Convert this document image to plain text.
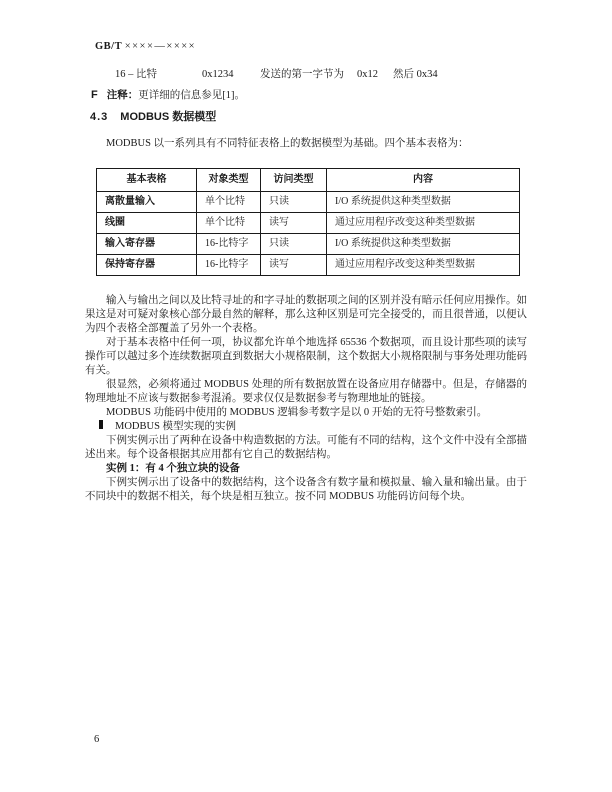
GB/T ××××—××××
16 – 比特	0x1234	发送的第一字节为 0x12 然后 0x34
F 注释：更详细的信息参见[1]。
4.3 MODBUS 数据模型

MODBUS 以一系列具有不同特征表格上的数据模型为基础。四个基本表格为：

基本表格	对象类型	访问类型	内容
离散量输入	单个比特	只读	I/O 系统提供这种类型数据
线圈	单个比特	读写	通过应用程序改变这种类型数据
输入寄存器	16-比特字	只读	I/O 系统提供这种类型数据
保持寄存器	16-比特字	读写	通过应用程序改变这种类型数据

输入与输出之间以及比特寻址的和字寻址的数据项之间的区别并没有暗示任何应用操作。如果这是对可疑对象核心部分最自然的解释，那么这种区别是可完全接受的，而且很普通，以便认为四个表格全部覆盖了另外一个表格。

对于基本表格中任何一项，协议都允许单个地选择 65536 个数据项，而且设计那些项的读写操作可以越过多个连续数据项直到数据大小规格限制，这个数据大小规格限制与事务处理功能码有关。

很显然，必须将通过 MODBUS 处理的所有数据放置在设备应用存储器中。但是，存储器的物理地址不应该与数据参考混淆。要求仅仅是数据参考与物理地址的链接。

MODBUS 功能码中使用的 MODBUS 逻辑参考数字是以 0 开始的无符号整数索引。

MODBUS 模型实现的实例

下例实例示出了两种在设备中构造数据的方法。可能有不同的结构，这个文件中没有全部描述出来。每个设备根据其应用都有它自己的数据结构。

实例 1：有 4 个独立块的设备

下例实例示出了设备中的数据结构，这个设备含有数字量和模拟量、输入量和输出量。由于不同块中的数据不相关，每个块是相互独立。按不同 MODBUS 功能码访问每个块。

6
